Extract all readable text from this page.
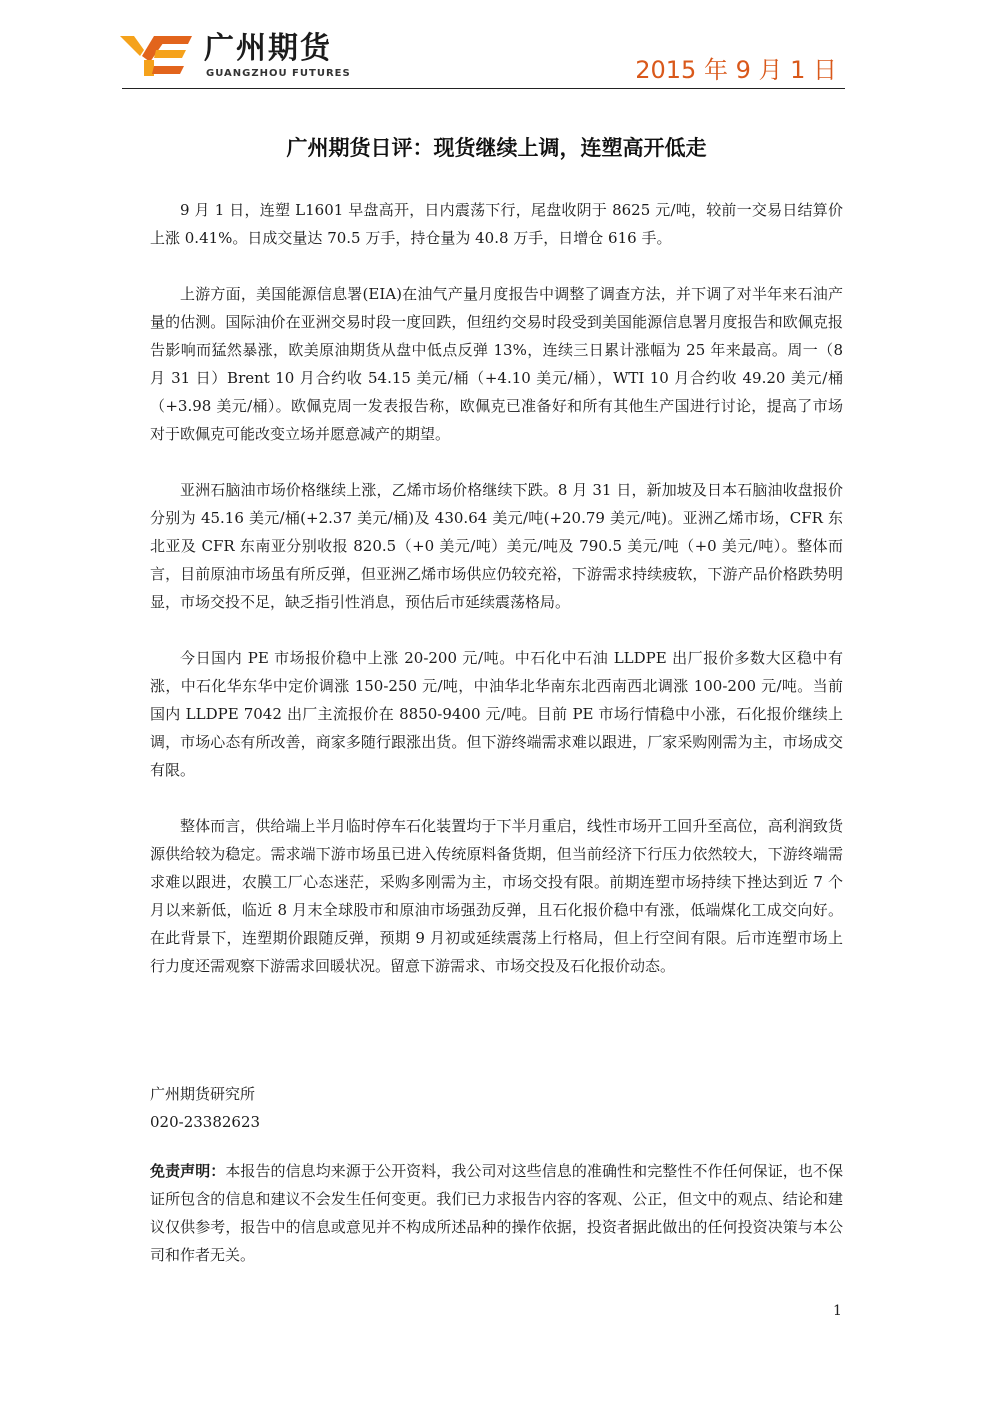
广州期货
GUANGZHOU FUTURES	2015 年 9 月 1 日
广州期货日评：现货继续上调，连塑高开低走

9 月 1 日，连塑 L1601 早盘高开，日内震荡下行，尾盘收阴于 8625 元/吨，较前一交易日结算价上涨 0.41%。日成交量达 70.5 万手，持仓量为 40.8 万手，日增仓 616 手。

上游方面，美国能源信息署(EIA)在油气产量月度报告中调整了调查方法，并下调了对半年来石油产量的估测。国际油价在亚洲交易时段一度回跌，但纽约交易时段受到美国能源信息署月度报告和欧佩克报告影响而猛然暴涨，欧美原油期货从盘中低点反弹 13%，连续三日累计涨幅为 25 年来最高。周一（8 月 31 日）Brent 10 月合约收 54.15 美元/桶（+4.10 美元/桶），WTI 10 月合约收 49.20 美元/桶（+3.98 美元/桶）。欧佩克周一发表报告称，欧佩克已准备好和所有其他生产国进行讨论，提高了市场对于欧佩克可能改变立场并愿意减产的期望。

亚洲石脑油市场价格继续上涨，乙烯市场价格继续下跌。8 月 31 日，新加坡及日本石脑油收盘报价分别为 45.16 美元/桶(+2.37 美元/桶)及 430.64 美元/吨(+20.79 美元/吨)。亚洲乙烯市场，CFR 东北亚及 CFR 东南亚分别收报 820.5（+0 美元/吨）美元/吨及 790.5 美元/吨（+0 美元/吨）。整体而言，目前原油市场虽有所反弹，但亚洲乙烯市场供应仍较充裕，下游需求持续疲软，下游产品价格跌势明显，市场交投不足，缺乏指引性消息，预估后市延续震荡格局。

今日国内 PE 市场报价稳中上涨 20-200 元/吨。中石化中石油 LLDPE 出厂报价多数大区稳中有涨，中石化华东华中定价调涨 150-250 元/吨，中油华北华南东北西南西北调涨 100-200 元/吨。当前国内 LLDPE 7042 出厂主流报价在 8850-9400 元/吨。目前 PE 市场行情稳中小涨，石化报价继续上调，市场心态有所改善，商家多随行跟涨出货。但下游终端需求难以跟进，厂家采购刚需为主，市场成交有限。

整体而言，供给端上半月临时停车石化装置均于下半月重启，线性市场开工回升至高位，高利润致货源供给较为稳定。需求端下游市场虽已进入传统原料备货期，但当前经济下行压力依然较大，下游终端需求难以跟进，农膜工厂心态迷茫，采购多刚需为主，市场交投有限。前期连塑市场持续下挫达到近 7 个月以来新低，临近 8 月末全球股市和原油市场强劲反弹，且石化报价稳中有涨，低端煤化工成交向好。在此背景下，连塑期价跟随反弹，预期 9 月初或延续震荡上行格局，但上行空间有限。后市连塑市场上行力度还需观察下游需求回暖状况。留意下游需求、市场交投及石化报价动态。

广州期货研究所
020-23382623
免责声明：本报告的信息均来源于公开资料，我公司对这些信息的准确性和完整性不作任何保证，也不保证所包含的信息和建议不会发生任何变更。我们已力求报告内容的客观、公正，但文中的观点、结论和建议仅供参考，报告中的信息或意见并不构成所述品种的操作依据，投资者据此做出的任何投资决策与本公司和作者无关。
1
